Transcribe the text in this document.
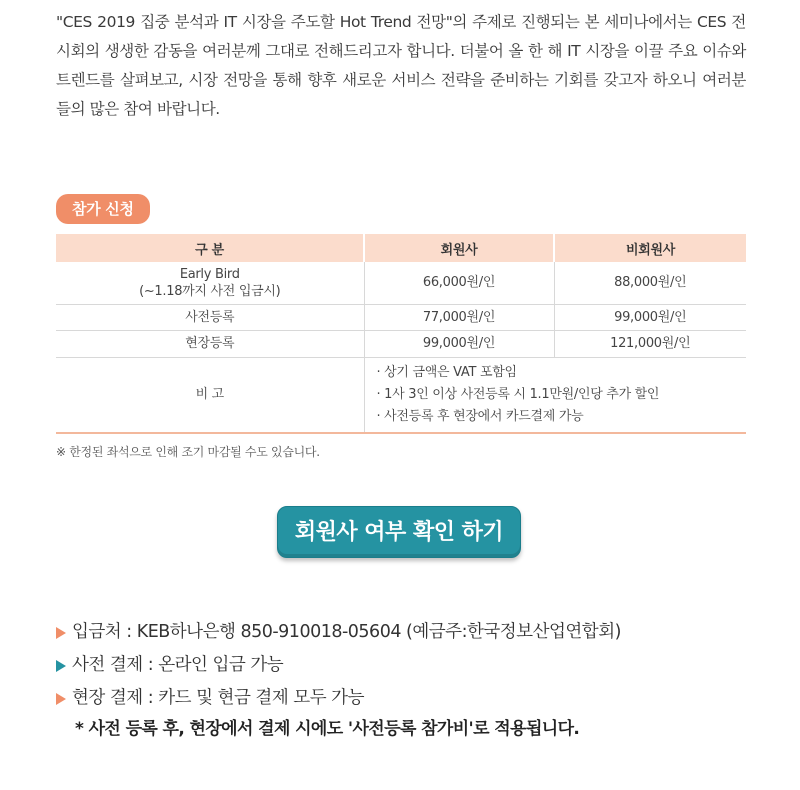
"CES 2019 집중 분석과 IT 시장을 주도할 Hot Trend 전망"의 주제로 진행되는 본 세미나에서는 CES 전시회의 생생한 감동을 여러분께 그대로 전해드리고자 합니다. 더불어 올 한 해 IT 시장을 이끌 주요 이슈와 트렌드를 살펴보고, 시장 전망을 통해 향후 새로운 서비스 전략을 준비하는 기회를 갖고자 하오니 여러분들의 많은 참여 바랍니다.
참가 신청
구 분	회원사	비회원사

Early Bird
(~1.18까지 사전 입금시)	66,000원/인	88,000원/인
사전등록	77,000원/인	99,000원/인
현장등록	99,000원/인	121,000원/인
비 고	· 상기 금액은 VAT 포함임
· 1사 3인 이상 사전등록 시 1.1만원/인당 추가 할인
· 사전등록 후 현장에서 카드결제 가능	
※ 한정된 좌석으로 인해 조기 마감될 수도 있습니다.
회원사 여부 확인 하기
입금처 : KEB하나은행 850-910018-05604 (예금주:한국정보산업연합회)
사전 결제 : 온라인 입금 가능
현장 결제 : 카드 및 현금 결제 모두 가능
* 사전 등록 후, 현장에서 결제 시에도 '사전등록 참가비'로 적용됩니다.
